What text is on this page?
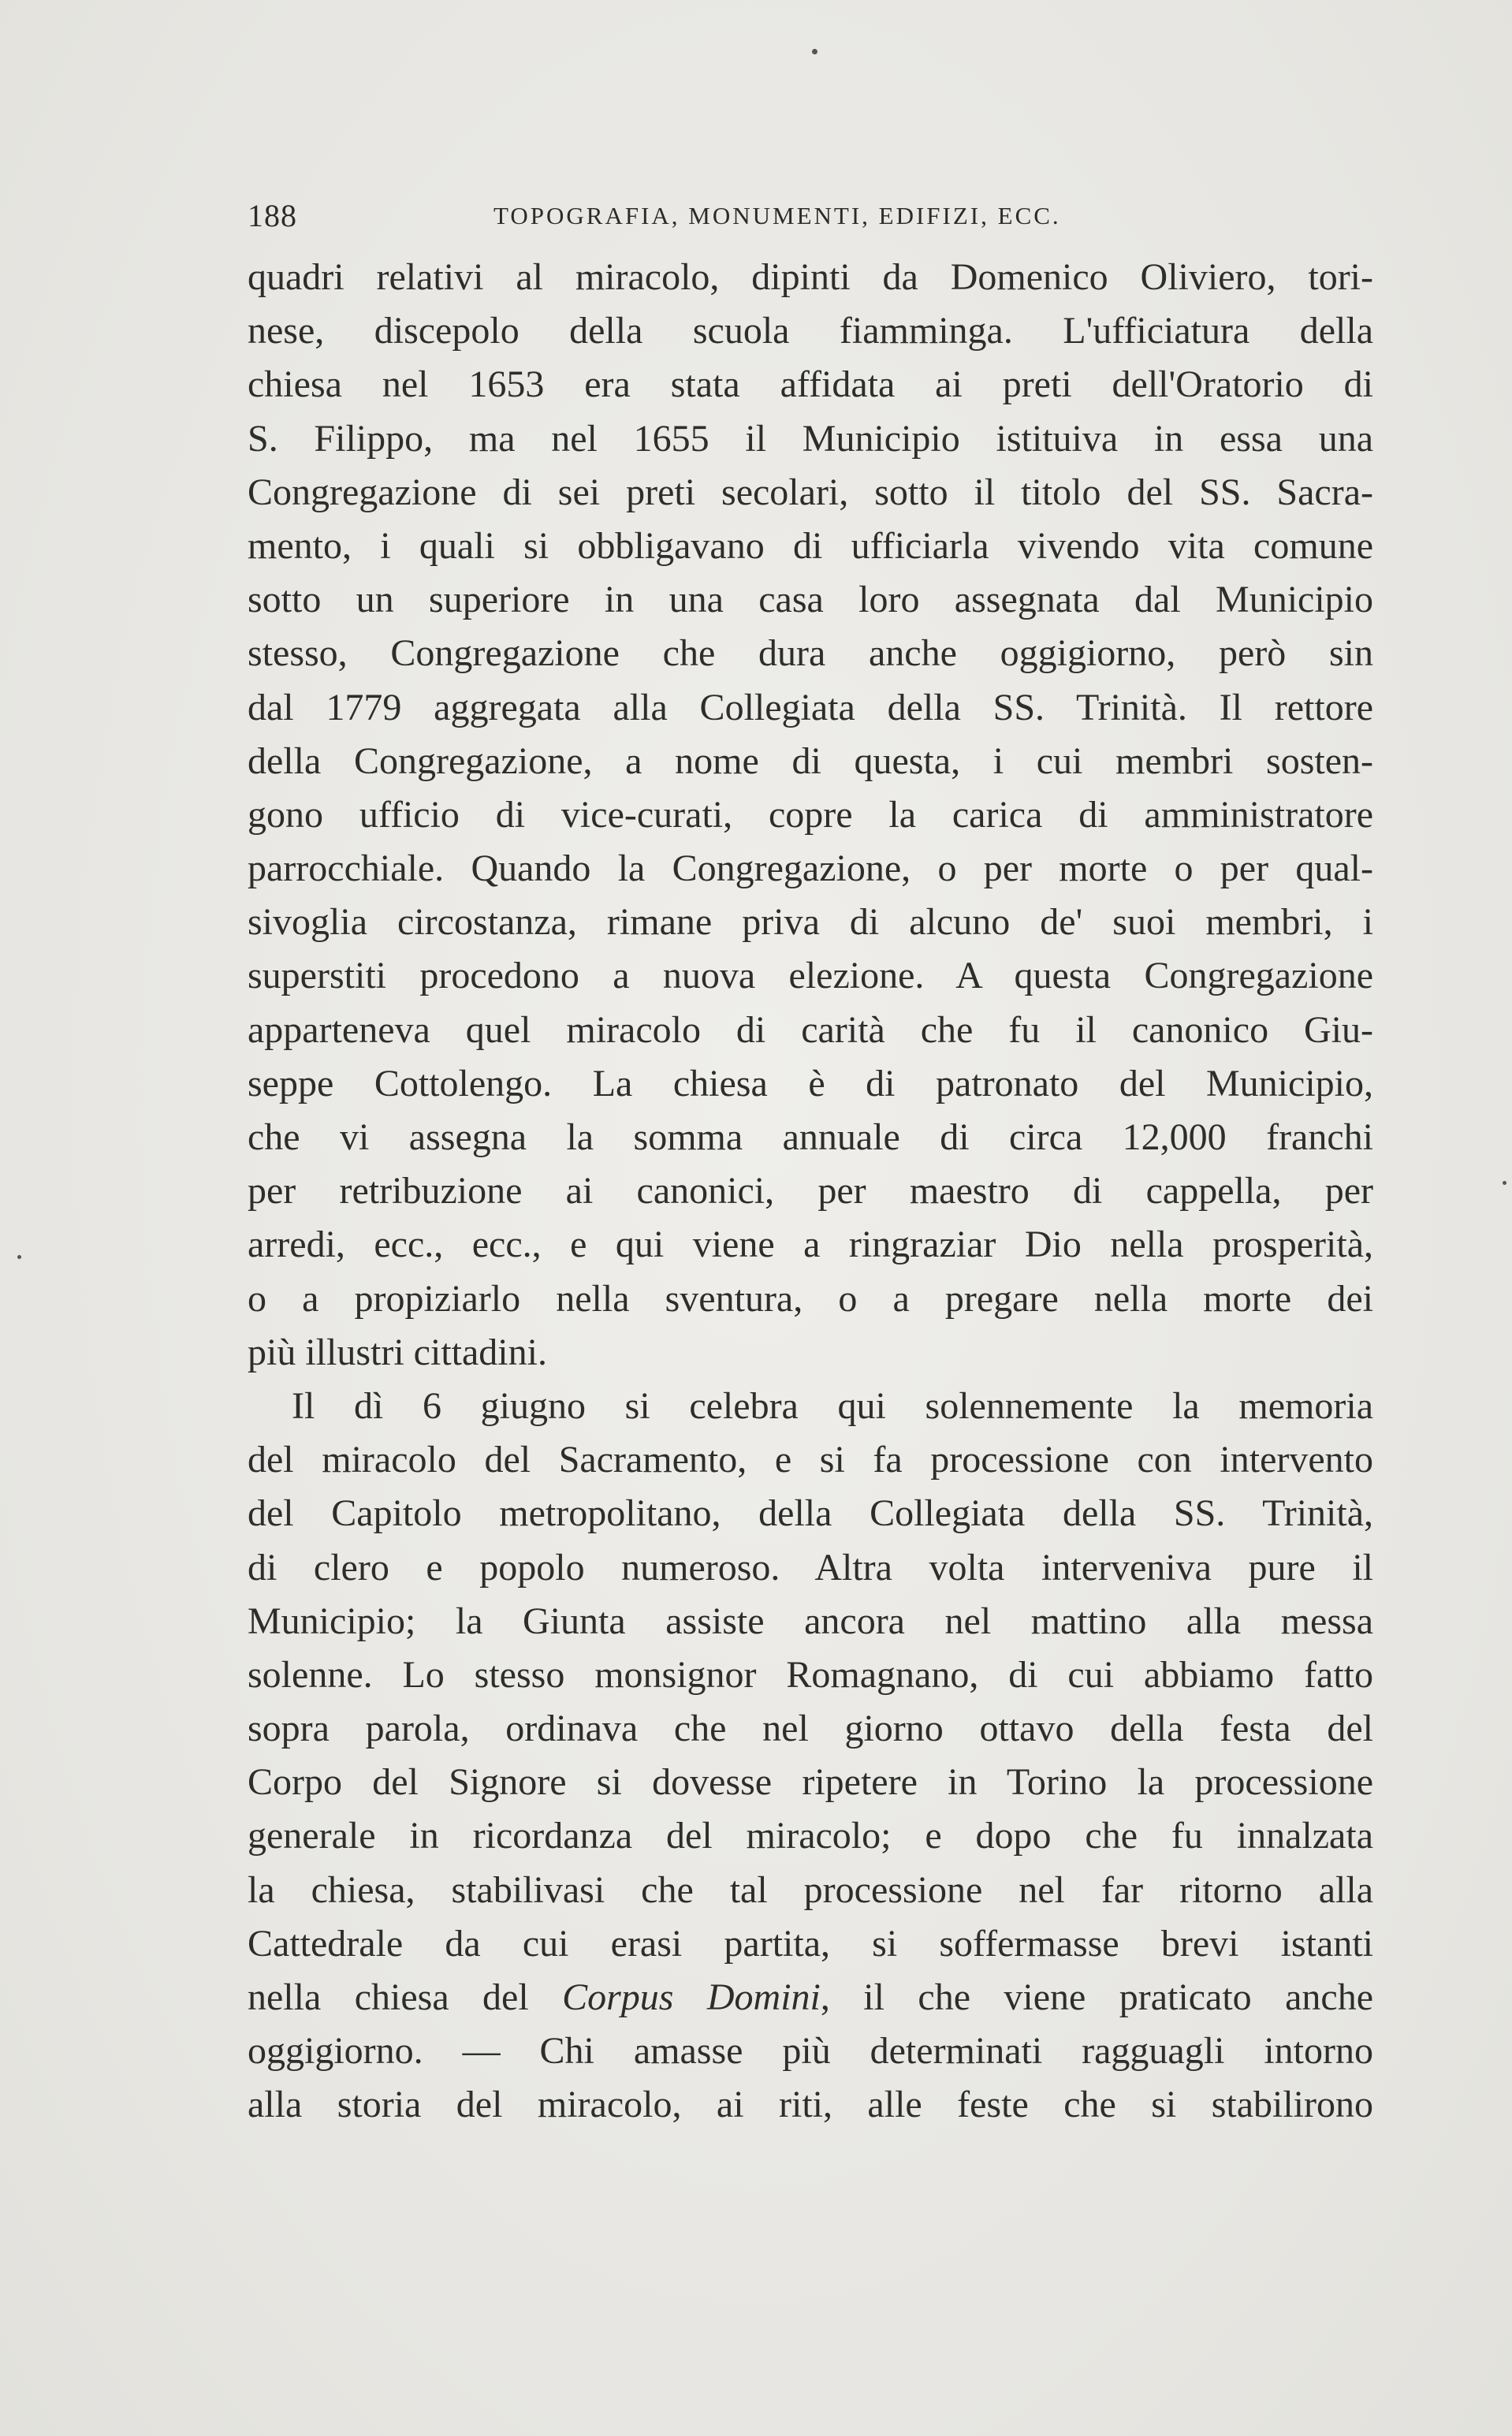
188	TOPOGRAFIA, MONUMENTI, EDIFIZI, ECC.
quadri relativi al miracolo, dipinti da Domenico Oliviero, tori-
nese, discepolo della scuola fiamminga. L'ufficiatura della
chiesa nel 1653 era stata affidata ai preti dell'Oratorio di
S. Filippo, ma nel 1655 il Municipio istituiva in essa una
Congregazione di sei preti secolari, sotto il titolo del SS. Sacra-
mento, i quali si obbligavano di ufficiarla vivendo vita comune
sotto un superiore in una casa loro assegnata dal Municipio
stesso, Congregazione che dura anche oggigiorno, però sin
dal 1779 aggregata alla Collegiata della SS. Trinità. Il rettore
della Congregazione, a nome di questa, i cui membri sosten-
gono ufficio di vice-curati, copre la carica di amministratore
parrocchiale. Quando la Congregazione, o per morte o per qual-
sivoglia circostanza, rimane priva di alcuno de' suoi membri, i
superstiti procedono a nuova elezione. A questa Congregazione
apparteneva quel miracolo di carità che fu il canonico Giu-
seppe Cottolengo. La chiesa è di patronato del Municipio,
che vi assegna la somma annuale di circa 12,000 franchi
per retribuzione ai canonici, per maestro di cappella, per
arredi, ecc., ecc., e qui viene a ringraziar Dio nella prosperità,
o a propiziarlo nella sventura, o a pregare nella morte dei
più illustri cittadini.
Il dì 6 giugno si celebra qui solennemente la memoria
del miracolo del Sacramento, e si fa processione con intervento
del Capitolo metropolitano, della Collegiata della SS. Trinità,
di clero e popolo numeroso. Altra volta interveniva pure il
Municipio; la Giunta assiste ancora nel mattino alla messa
solenne. Lo stesso monsignor Romagnano, di cui abbiamo fatto
sopra parola, ordinava che nel giorno ottavo della festa del
Corpo del Signore si dovesse ripetere in Torino la processione
generale in ricordanza del miracolo; e dopo che fu innalzata
la chiesa, stabilivasi che tal processione nel far ritorno alla
Cattedrale da cui erasi partita, si soffermasse brevi istanti
nella chiesa del Corpus Domini, il che viene praticato anche
oggigiorno. — Chi amasse più determinati ragguagli intorno
alla storia del miracolo, ai riti, alle feste che si stabilirono
